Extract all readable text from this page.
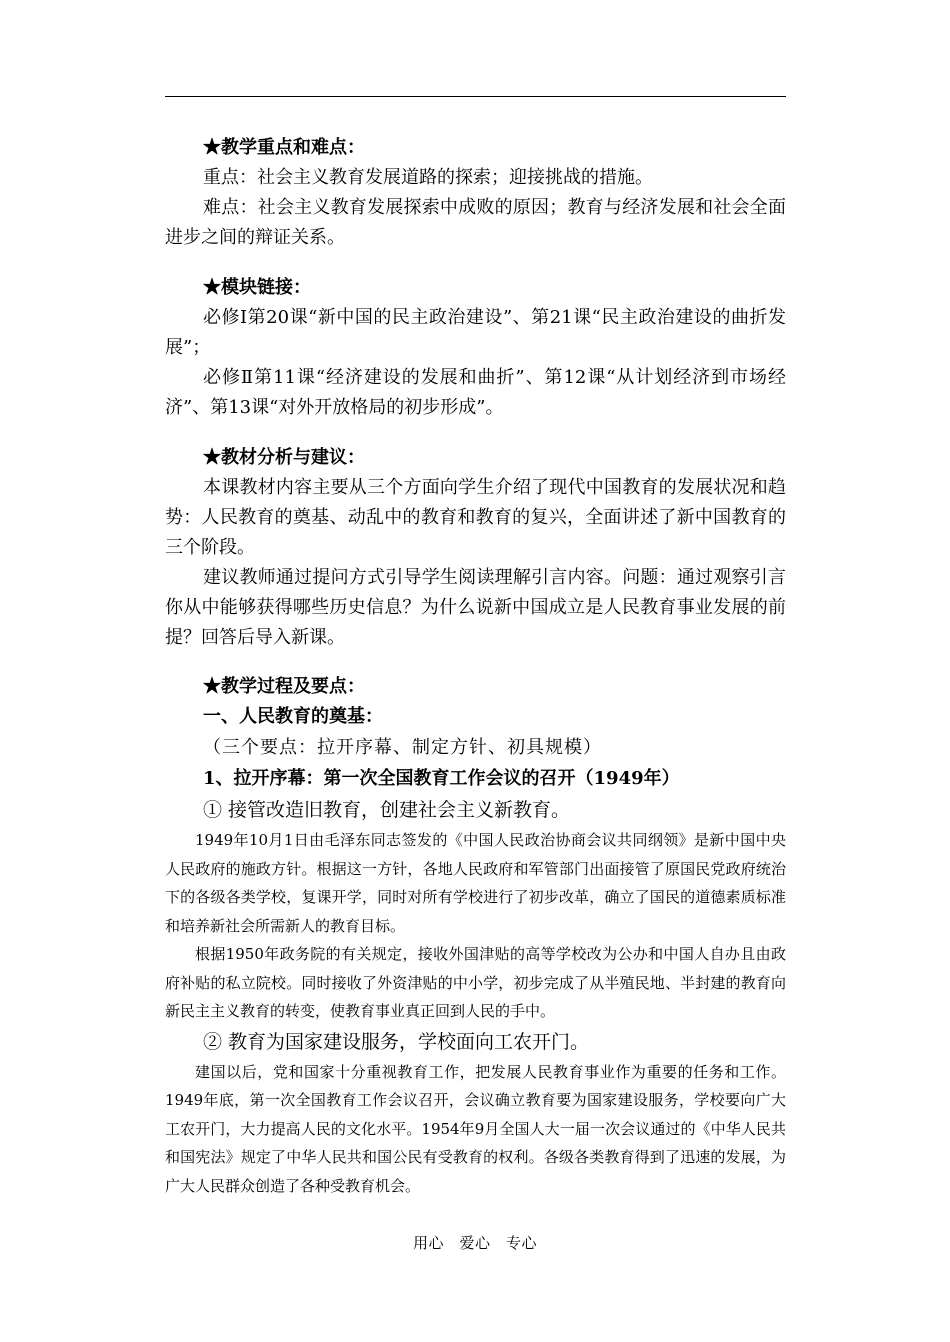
★教学重点和难点：

重点：社会主义教育发展道路的探索；迎接挑战的措施。

难点：社会主义教育发展探索中成败的原因；教育与经济发展和社会全面进步之间的辩证关系。

★模块链接：

必修Ⅰ第20课“新中国的民主政治建设”、第21课“民主政治建设的曲折发展”；

必修Ⅱ第11课“经济建设的发展和曲折”、第12课“从计划经济到市场经济”、第13课“对外开放格局的初步形成”。

★教材分析与建议：

本课教材内容主要从三个方面向学生介绍了现代中国教育的发展状况和趋势：人民教育的奠基、动乱中的教育和教育的复兴，全面讲述了新中国教育的三个阶段。

建议教师通过提问方式引导学生阅读理解引言内容。问题：通过观察引言你从中能够获得哪些历史信息？为什么说新中国成立是人民教育事业发展的前提？回答后导入新课。

★教学过程及要点：

一、人民教育的奠基：

（三个要点：拉开序幕、制定方针、初具规模）

1、拉开序幕：第一次全国教育工作会议的召开（1949年）

① 接管改造旧教育，创建社会主义新教育。

1949年10月1日由毛泽东同志签发的《中国人民政治协商会议共同纲领》是新中国中央人民政府的施政方针。根据这一方针，各地人民政府和军管部门出面接管了原国民党政府统治下的各级各类学校，复课开学，同时对所有学校进行了初步改革，确立了国民的道德素质标准和培养新社会所需新人的教育目标。

根据1950年政务院的有关规定，接收外国津贴的高等学校改为公办和中国人自办且由政府补贴的私立院校。同时接收了外资津贴的中小学，初步完成了从半殖民地、半封建的教育向新民主主义教育的转变，使教育事业真正回到人民的手中。

② 教育为国家建设服务，学校面向工农开门。

建国以后，党和国家十分重视教育工作，把发展人民教育事业作为重要的任务和工作。1949年底，第一次全国教育工作会议召开，会议确立教育要为国家建设服务，学校要向广大工农开门，大力提高人民的文化水平。1954年9月全国人大一届一次会议通过的《中华人民共和国宪法》规定了中华人民共和国公民有受教育的权利。各级各类教育得到了迅速的发展，为广大人民群众创造了各种受教育机会。

用心　爱心　专心
